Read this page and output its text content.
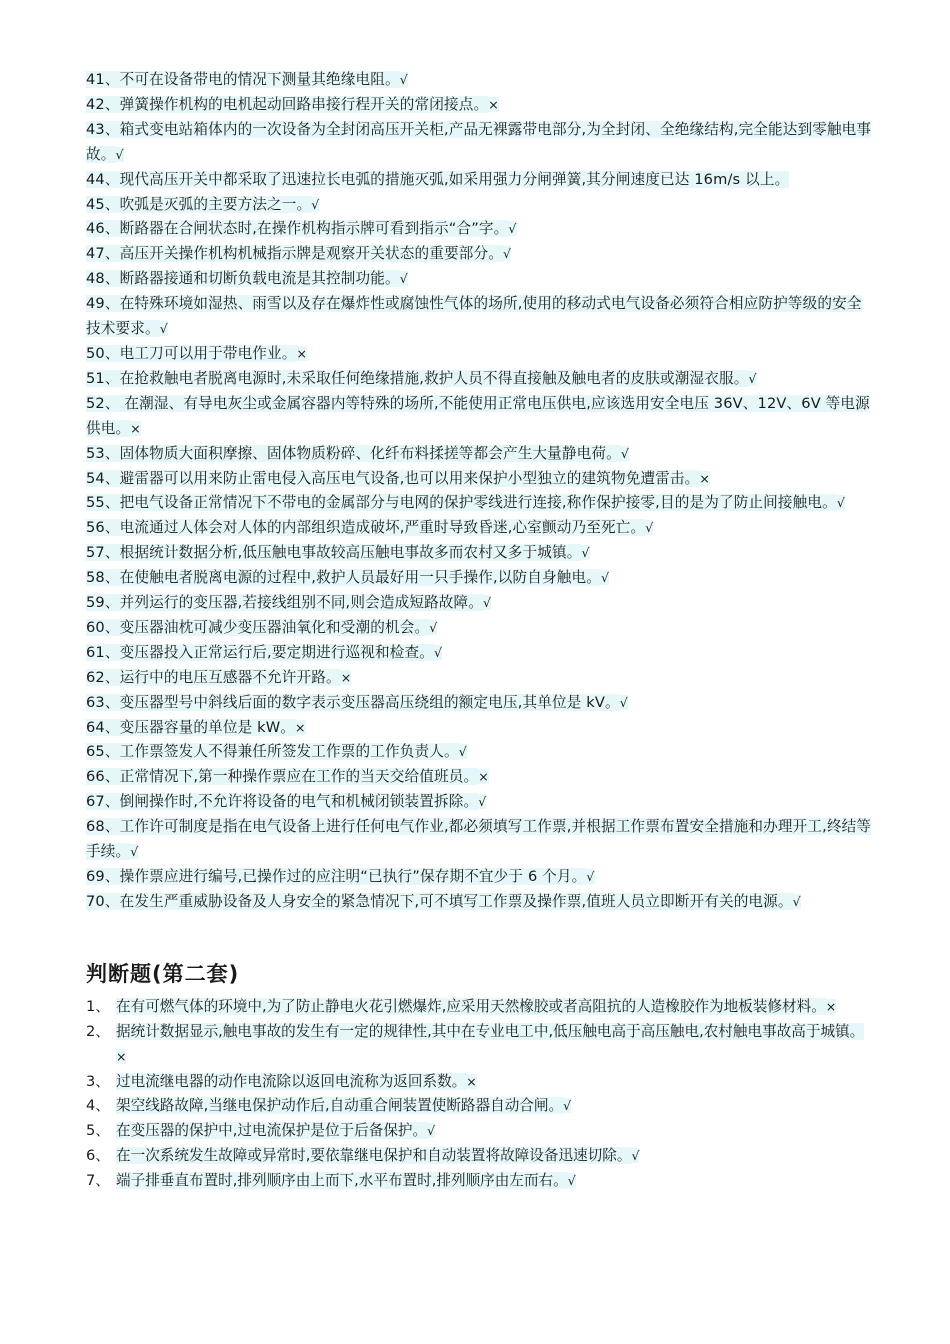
41、不可在设备带电的情况下测量其绝缘电阻。√

42、弹簧操作机构的电机起动回路串接行程开关的常闭接点。×

43、箱式变电站箱体内的一次设备为全封闭高压开关柜,产品无裸露带电部分,为全封闭、全绝缘结构,完全能达到零触电事故。√

44、现代高压开关中都采取了迅速拉长电弧的措施灭弧,如采用强力分闸弹簧,其分闸速度已达 16m/s 以上。

45、吹弧是灭弧的主要方法之一。√

46、断路器在合闸状态时,在操作机构指示牌可看到指示“合”字。√

47、高压开关操作机构机械指示牌是观察开关状态的重要部分。√

48、断路器接通和切断负载电流是其控制功能。√

49、在特殊环境如湿热、雨雪以及存在爆炸性或腐蚀性气体的场所,使用的移动式电气设备必须符合相应防护等级的安全技术要求。√

50、电工刀可以用于带电作业。×

51、在抢救触电者脱离电源时,未采取任何绝缘措施,救护人员不得直接触及触电者的皮肤或潮湿衣服。√

52、 在潮湿、有导电灰尘或金属容器内等特殊的场所,不能使用正常电压供电,应该选用安全电压 36V、12V、6V 等电源供电。×

53、固体物质大面积摩擦、固体物质粉碎、化纤布料揉搓等都会产生大量静电荷。√

54、避雷器可以用来防止雷电侵入高压电气设备,也可以用来保护小型独立的建筑物免遭雷击。×

55、把电气设备正常情况下不带电的金属部分与电网的保护零线进行连接,称作保护接零,目的是为了防止间接触电。√

56、电流通过人体会对人体的内部组织造成破坏,严重时导致昏迷,心室颤动乃至死亡。√

57、根据统计数据分析,低压触电事故较高压触电事故多而农村又多于城镇。√

58、在使触电者脱离电源的过程中,救护人员最好用一只手操作,以防自身触电。√

59、并列运行的变压器,若接线组别不同,则会造成短路故障。√

60、变压器油枕可减少变压器油氧化和受潮的机会。√

61、变压器投入正常运行后,要定期进行巡视和检查。√

62、运行中的电压互感器不允许开路。×

63、变压器型号中斜线后面的数字表示变压器高压绕组的额定电压,其单位是 kV。√

64、变压器容量的单位是 kW。×

65、工作票签发人不得兼任所签发工作票的工作负责人。√

66、正常情况下,第一种操作票应在工作的当天交给值班员。×

67、倒闸操作时,不允许将设备的电气和机械闭锁装置拆除。√

68、工作许可制度是指在电气设备上进行任何电气作业,都必须填写工作票,并根据工作票布置安全措施和办理开工,终结等手续。√

69、操作票应进行编号,已操作过的应注明“已执行”保存期不宜少于 6 个月。√

70、在发生严重威胁设备及人身安全的紧急情况下,可不填写工作票及操作票,值班人员立即断开有关的电源。√

判断题(第二套)
1、 在有可燃气体的环境中,为了防止静电火花引燃爆炸,应采用天然橡胶或者高阻抗的人造橡胶作为地板装修材料。×
2、 据统计数据显示,触电事故的发生有一定的规律性,其中在专业电工中,低压触电高于高压触电,农村触电事故高于城镇。×
3、 过电流继电器的动作电流除以返回电流称为返回系数。×
4、 架空线路故障,当继电保护动作后,自动重合闸装置使断路器自动合闸。√
5、 在变压器的保护中,过电流保护是位于后备保护。√
6、 在一次系统发生故障或异常时,要依靠继电保护和自动装置将故障设备迅速切除。√
7、 端子排垂直布置时,排列顺序由上而下,水平布置时,排列顺序由左而右。√
